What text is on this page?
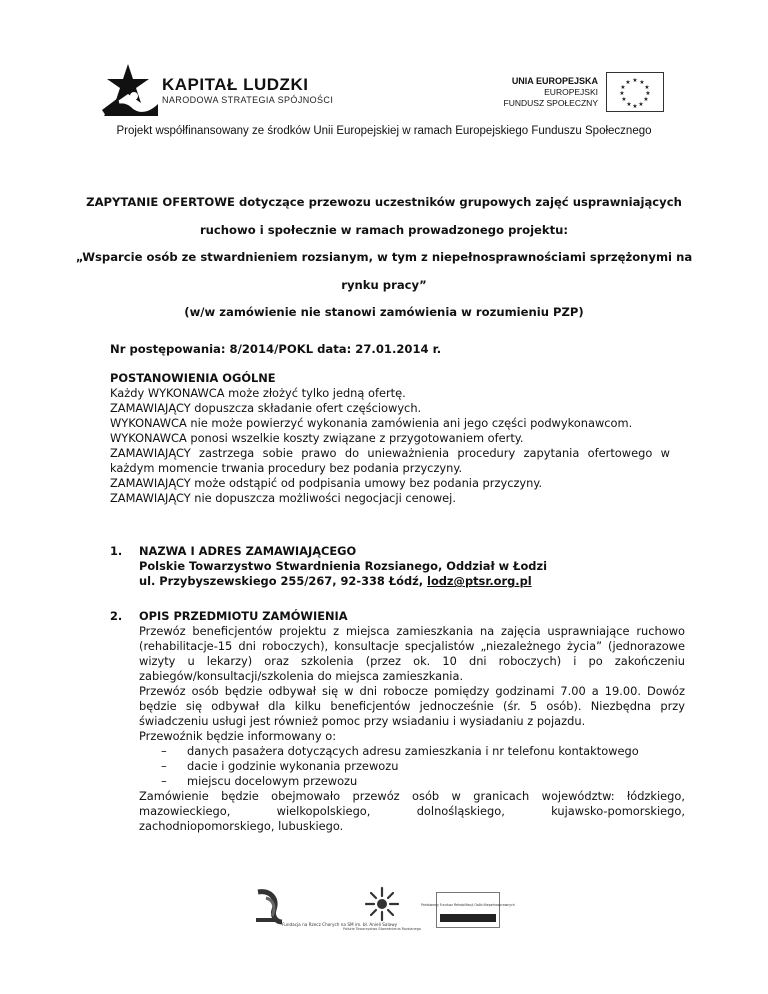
KAPITAŁ LUDZKI
NARODOWA STRATEGIA SPÓJNOŚCI
UNIA EUROPEJSKA
EUROPEJSKI
FUNDUSZ SPOŁECZNY
★ ★
★
★
★
★
★
★
★
★
★
★
Projekt współfinansowany ze środków Unii Europejskiej w ramach Europejskiego Funduszu Społecznego
ZAPYTANIE OFERTOWE dotyczące przewozu uczestników grupowych zajęć usprawniających
ruchowo i społecznie w ramach prowadzonego projektu:
„Wsparcie osób ze stwardnieniem rozsianym, w tym z niepełnosprawnościami sprzężonymi na
rynku pracy”
(w/w zamówienie nie stanowi zamówienia w rozumieniu PZP)
Nr postępowania: 8/2014/POKL data: 27.01.2014 r.
POSTANOWIENIA OGÓLNE

Każdy WYKONAWCA może złożyć tylko jedną ofertę.

ZAMAWIAJĄCY dopuszcza składanie ofert częściowych.

WYKONAWCA nie może powierzyć wykonania zamówienia ani jego części podwykonawcom.

WYKONAWCA ponosi wszelkie koszty związane z przygotowaniem oferty.

ZAMAWIAJĄCY zastrzega sobie prawo do unieważnienia procedury zapytania ofertowego w każdym momencie trwania procedury bez podania przyczyny.

ZAMAWIAJĄCY może odstąpić od podpisania umowy bez podania przyczyny.

ZAMAWIAJĄCY nie dopuszcza możliwości negocjacji cenowej.

1. NAZWA I ADRES ZAMAWIAJĄCEGO
Polskie Towarzystwo Stwardnienia Rozsianego, Oddział w Łodzi
ul. Przybyszewskiego 255/267, 92-338 Łódź, lodz@ptsr.org.pl
2. OPIS PRZEDMIOTU ZAMÓWIENIA

Przewóz beneficjentów projektu z miejsca zamieszkania na zajęcia usprawniające ruchowo (rehabilitacje-15 dni roboczych), konsultacje specjalistów „niezależnego życia” (jednorazowe wizyty u lekarzy) oraz szkolenia (przez ok. 10 dni roboczych) i po zakończeniu zabiegów/konsultacji/szkolenia do miejsca zamieszkania.

Przewóz osób będzie odbywał się w dni robocze pomiędzy godzinami 7.00 a 19.00. Dowóz będzie się odbywał dla kilku beneficjentów jednocześnie (śr. 5 osób). Niezbędna przy świadczeniu usługi jest również pomoc przy wsiadaniu i wysiadaniu z pojazdu.

Przewoźnik będzie informowany o:

– danych pasażera dotyczących adresu zamieszkania i nr telefonu kontaktowego
– dacie i godzinie wykonania przewozu
– miejscu docelowym przewozu

Zamówienie będzie obejmowało przewóz osób w granicach województw: łódzkiego, mazowieckiego, wielkopolskiego, dolnośląskiego, kujawsko-pomorskiego, zachodniopomorskiego, lubuskiego.

Fundacja na Rzecz Chorych na SM im. bł. Anieli Salawy
Polskie Towarzystwo Stwardnienia Rozsianego
Państwowy Fundusz Rehabilitacji Osób Niepełnosprawnych
